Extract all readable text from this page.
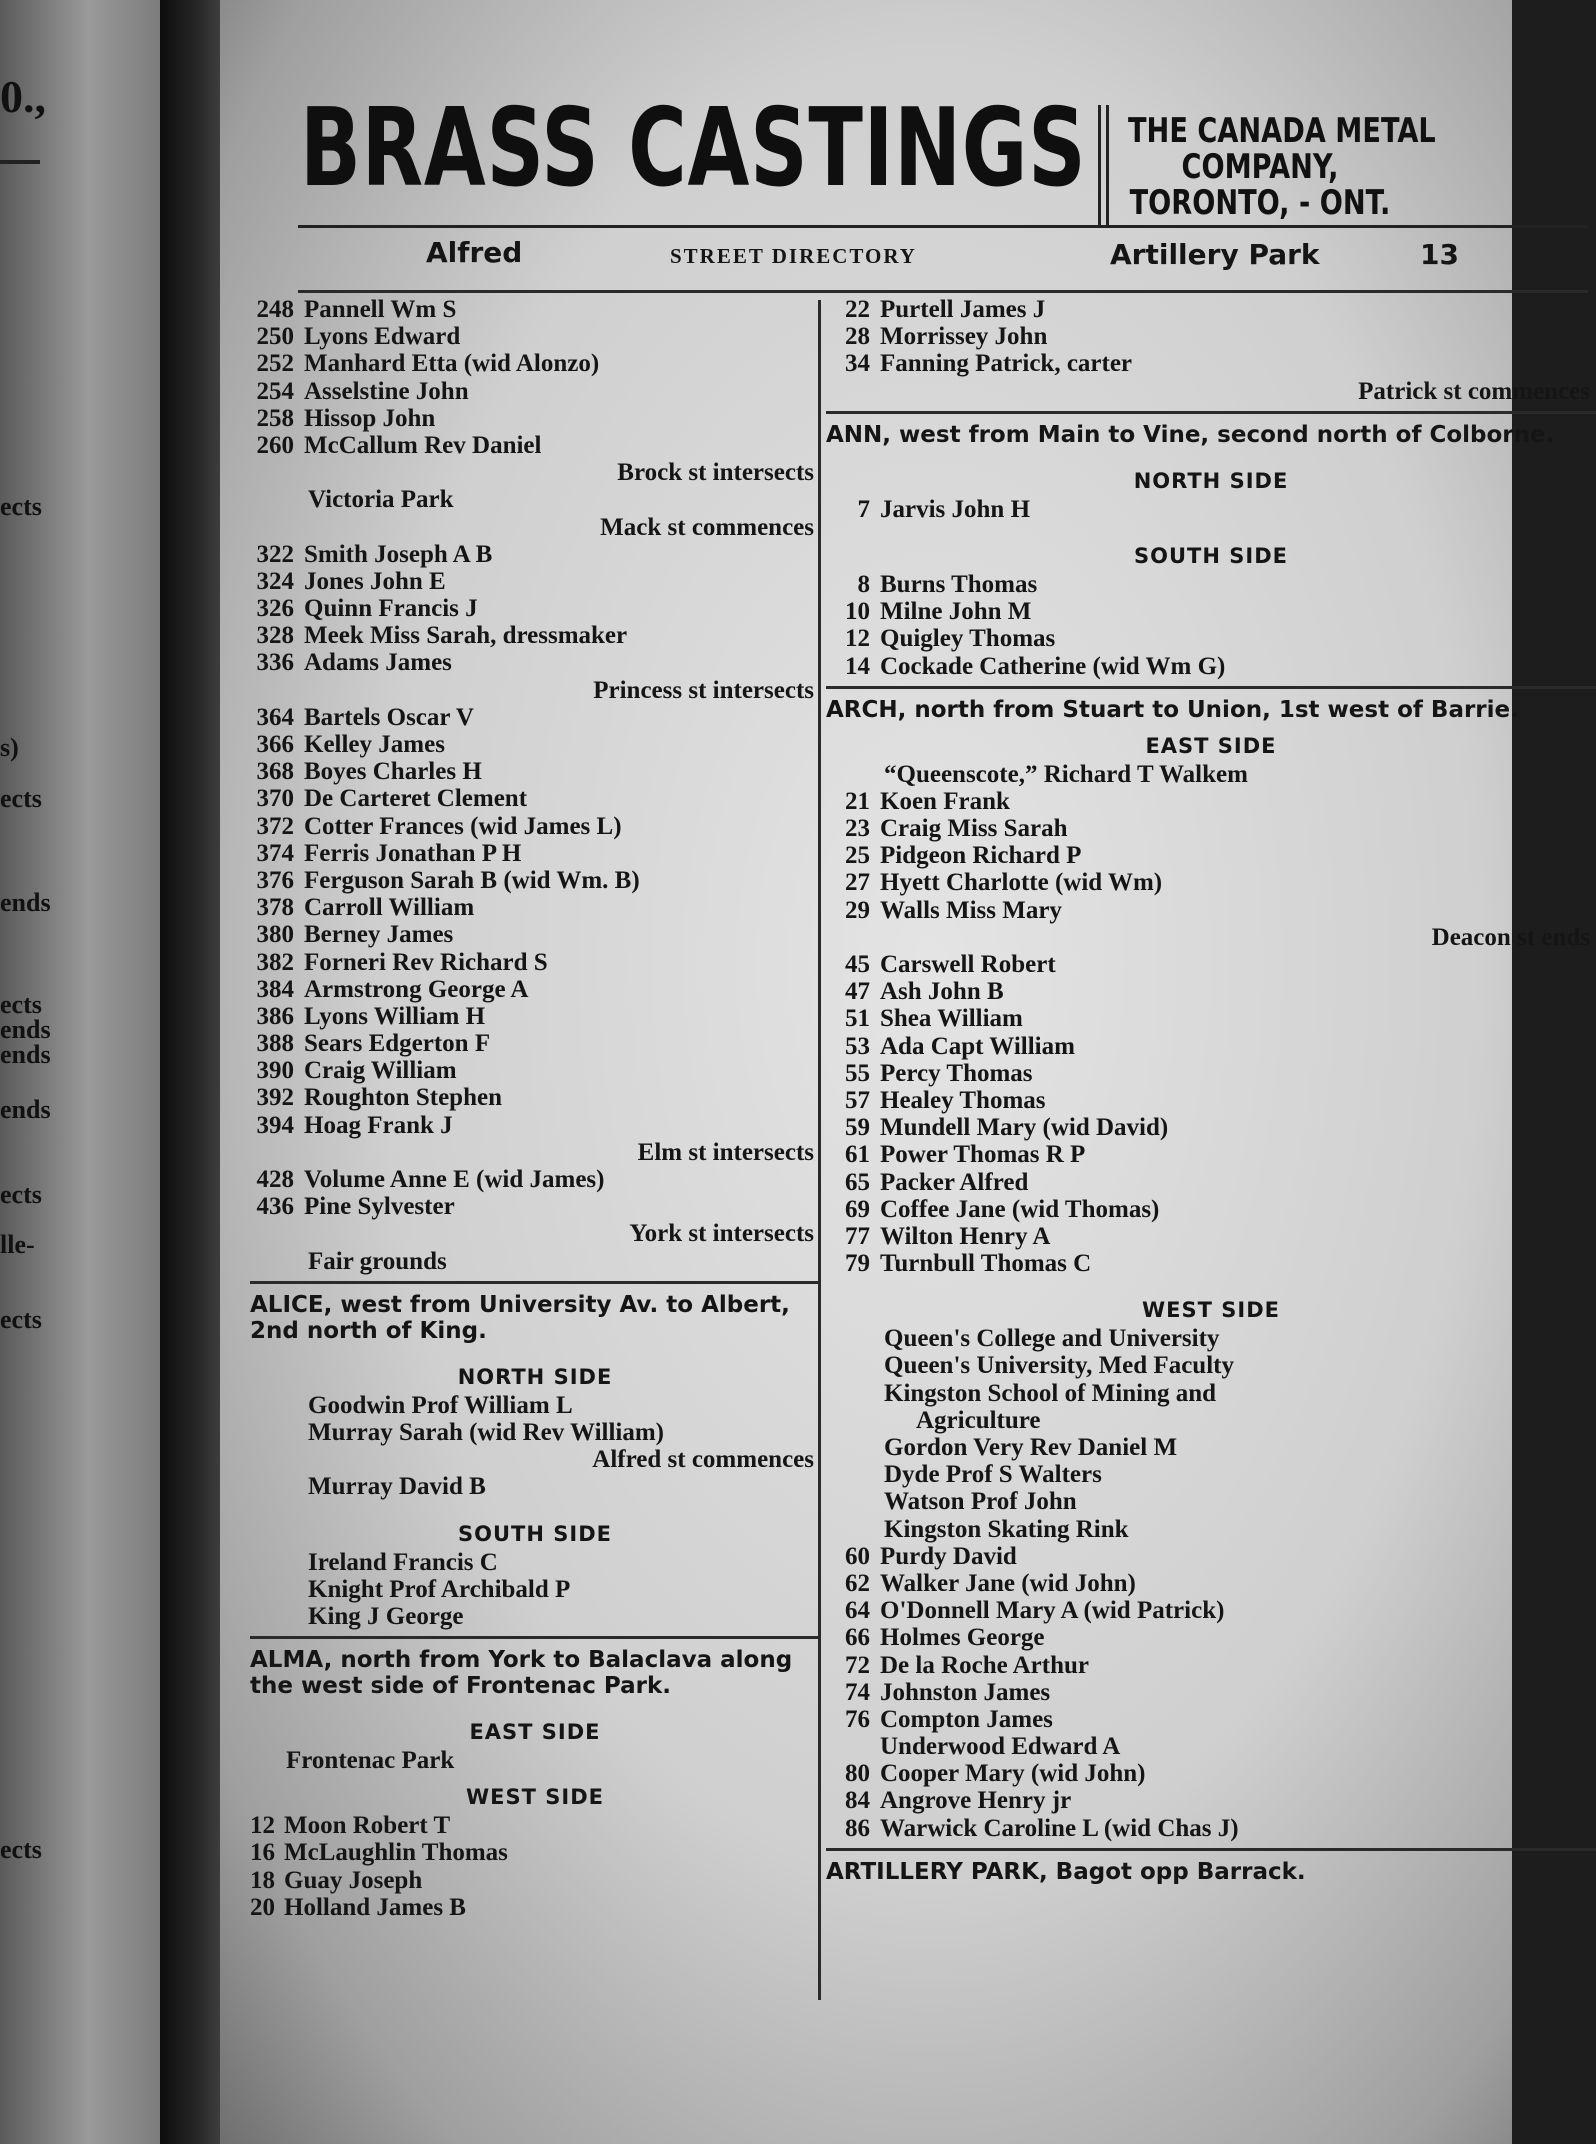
0.,
ects
s)
ects
ends
ects
ends
ends
ends
ects
lle-
ects
ects
BRASS CASTINGS THE CANADA METAL
COMPANY,
TORONTO, - ONT.
Alfred	STREET DIRECTORY	Artillery Park	13
248 Pannell Wm S
250 Lyons Edward
252 Manhard Etta (wid Alonzo)
254 Asselstine John
258 Hissop John
260 McCallum Rev Daniel
Brock st intersects
Victoria Park
Mack st commences
322 Smith Joseph A B
324 Jones John E
326 Quinn Francis J
328 Meek Miss Sarah, dressmaker
336 Adams James
Princess st intersects
364 Bartels Oscar V
366 Kelley James
368 Boyes Charles H
370 De Carteret Clement
372 Cotter Frances (wid James L)
374 Ferris Jonathan P H
376 Ferguson Sarah B (wid Wm. B)
378 Carroll William
380 Berney James
382 Forneri Rev Richard S
384 Armstrong George A
386 Lyons William H
388 Sears Edgerton F
390 Craig William
392 Roughton Stephen
394 Hoag Frank J
Elm st intersects
428 Volume Anne E (wid James)
436 Pine Sylvester
York st intersects
Fair grounds
ALICE, west from University Av. to Albert, 2nd north of King.
NORTH SIDE
Goodwin Prof William L
Murray Sarah (wid Rev William)
Alfred st commences
Murray David B
SOUTH SIDE
Ireland Francis C
Knight Prof Archibald P
King J George
ALMA, north from York to Balaclava along the west side of Frontenac Park.
EAST SIDE
Frontenac Park
WEST SIDE
12 Moon Robert T
16 McLaughlin Thomas
18 Guay Joseph
20 Holland James B
22 Purtell James J
28 Morrissey John
34 Fanning Patrick, carter
Patrick st commences
ANN, west from Main to Vine, second north of Colborne.
NORTH SIDE
7 Jarvis John H
SOUTH SIDE
8 Burns Thomas
10 Milne John M
12 Quigley Thomas
14 Cockade Catherine (wid Wm G)
ARCH, north from Stuart to Union, 1st west of Barrie.
EAST SIDE
“Queenscote,” Richard T Walkem
21 Koen Frank
23 Craig Miss Sarah
25 Pidgeon Richard P
27 Hyett Charlotte (wid Wm)
29 Walls Miss Mary
Deacon st ends
45 Carswell Robert
47 Ash John B
51 Shea William
53 Ada Capt William
55 Percy Thomas
57 Healey Thomas
59 Mundell Mary (wid David)
61 Power Thomas R P
65 Packer Alfred
69 Coffee Jane (wid Thomas)
77 Wilton Henry A
79 Turnbull Thomas C
WEST SIDE
Queen's College and University
Queen's University, Med Faculty
Kingston School of Mining and
Agriculture
Gordon Very Rev Daniel M
Dyde Prof S Walters
Watson Prof John
Kingston Skating Rink
60 Purdy David
62 Walker Jane (wid John)
64 O'Donnell Mary A (wid Patrick)
66 Holmes George
72 De la Roche Arthur
74 Johnston James
76 Compton James
Underwood Edward A
80 Cooper Mary (wid John)
84 Angrove Henry jr
86 Warwick Caroline L (wid Chas J)
ARTILLERY PARK, Bagot opp Barrack.
